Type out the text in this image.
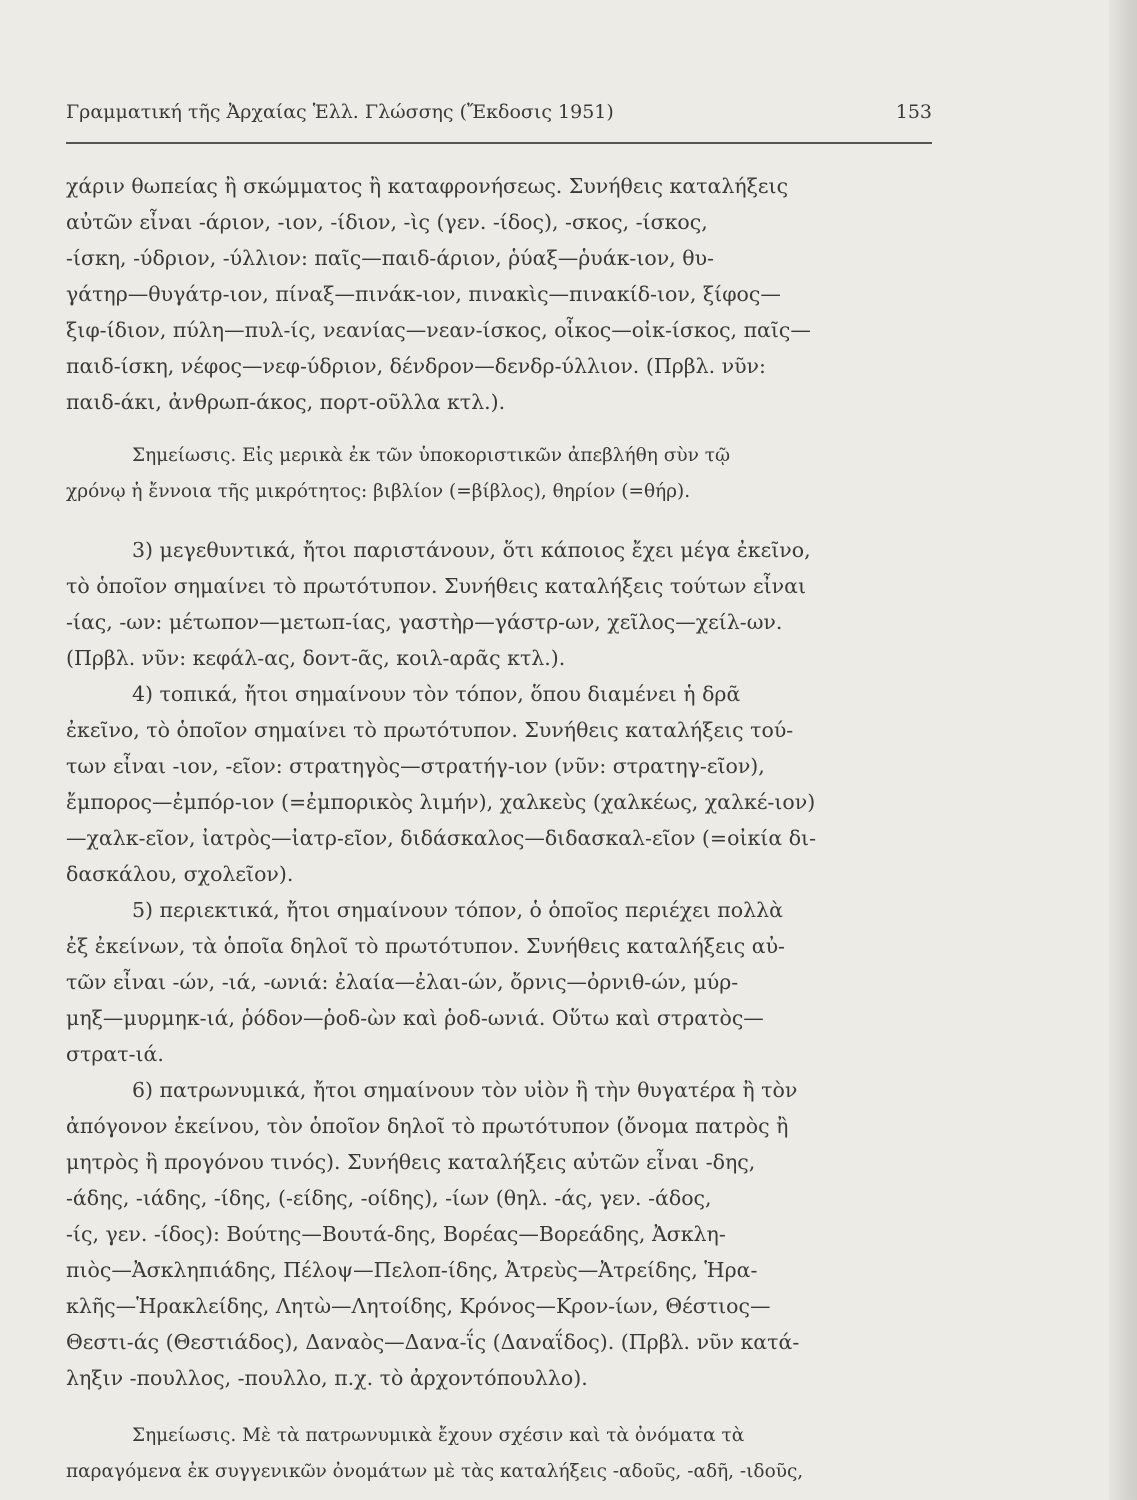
Γραμματική τῆς Ἀρχαίας Ἑλλ. Γλώσσης (Ἔκδοσις 1951)	153
χάριν θωπείας ἢ σκώμματος ἢ καταφρονήσεως. Συνήθεις καταλήξεις
αὐτῶν εἶναι -άριον, -ιον, -ίδιον, -ὶς (γεν. -ίδος), -σκος, -ίσκος,
-ίσκη, -ύδριον, -ύλλιον: παῖς—παιδ-άριον, ῥύαξ—ῥυάκ-ιον, θυ-
γάτηρ—θυγάτρ-ιον, πίναξ—πινάκ-ιον, πινακὶς—πινακίδ-ιον, ξίφος—
ξιφ-ίδιον, πύλη—πυλ-ίς, νεανίας—νεαν-ίσκος, οἶκος—οἰκ-ίσκος, παῖς—
παιδ-ίσκη, νέφος—νεφ-ύδριον, δένδρον—δενδρ-ύλλιον. (Πρβλ. νῦν:
παιδ-άκι, ἀνθρωπ-άκος, πορτ-οῦλλα κτλ.).
Σημείωσις. Εἰς μερικὰ ἐκ τῶν ὑποκοριστικῶν ἀπεβλήθη σὺν τῷ
χρόνῳ ἡ ἔννοια τῆς μικρότητος: βιβλίον (=βίβλος), θηρίον (=θήρ).
3) μεγεθυντικά, ἤτοι παριστάνουν, ὅτι κάποιος ἔχει μέγα ἐκεῖνο,
τὸ ὁποῖον σημαίνει τὸ πρωτότυπον. Συνήθεις καταλήξεις τούτων εἶναι
-ίας, -ων: μέτωπον—μετωπ-ίας, γαστὴρ—γάστρ-ων, χεῖλος—χείλ-ων.
(Πρβλ. νῦν: κεφάλ-ας, δοντ-ᾶς, κοιλ-αρᾶς κτλ.).
4) τοπικά, ἤτοι σημαίνουν τὸν τόπον, ὅπου διαμένει ἡ δρᾶ
ἐκεῖνο, τὸ ὁποῖον σημαίνει τὸ πρωτότυπον. Συνήθεις καταλήξεις τού-
των εἶναι -ιον, -εῖον: στρατηγὸς—στρατήγ-ιον (νῦν: στρατηγ-εῖον),
ἔμπορος—ἐμπόρ-ιον (=ἐμπορικὸς λιμήν), χαλκεὺς (χαλκέως, χαλκέ-ιον)
—χαλκ-εῖον, ἰατρὸς—ἰατρ-εῖον, διδάσκαλος—διδασκαλ-εῖον (=οἰκία δι-
δασκάλου, σχολεῖον).
5) περιεκτικά, ἤτοι σημαίνουν τόπον, ὁ ὁποῖος περιέχει πολλὰ
ἐξ ἐκείνων, τὰ ὁποῖα δηλοῖ τὸ πρωτότυπον. Συνήθεις καταλήξεις αὐ-
τῶν εἶναι -ών, -ιά, -ωνιά: ἐλαία—ἐλαι-ών, ὄρνις—ὀρνιθ-ών, μύρ-
μηξ—μυρμηκ-ιά, ῥόδον—ῥοδ-ὼν καὶ ῥοδ-ωνιά. Οὕτω καὶ στρατὸς—
στρατ-ιά.
6) πατρωνυμικά, ἤτοι σημαίνουν τὸν υἱὸν ἢ τὴν θυγατέρα ἢ τὸν
ἀπόγονον ἐκείνου, τὸν ὁποῖον δηλοῖ τὸ πρωτότυπον (ὄνομα πατρὸς ἢ
μητρὸς ἢ προγόνου τινός). Συνήθεις καταλήξεις αὐτῶν εἶναι -δης,
-άδης, -ιάδης, -ίδης, (-είδης, -οίδης), -ίων (θηλ. -άς, γεν. -άδος,
-ίς, γεν. -ίδος): Βούτης—Βουτά-δης, Βορέας—Βορεάδης, Ἀσκλη-
πιὸς—Ἀσκληπιάδης, Πέλοψ—Πελοπ-ίδης, Ἀτρεὺς—Ἀτρείδης, Ἡρα-
κλῆς—Ἡρακλείδης, Λητὼ—Λητοίδης, Κρόνος—Κρον-ίων, Θέστιος—
Θεστι-άς (Θεστιάδος), Δαναὸς—Δανα-ΐς (Δαναΐδος). (Πρβλ. νῦν κατά-
ληξιν -πουλλος, -πουλλο, π.χ. τὸ ἀρχοντόπουλλο).
Σημείωσις. Μὲ τὰ πατρωνυμικὰ ἔχουν σχέσιν καὶ τὰ ὀνόματα τὰ
παραγόμενα ἐκ συγγενικῶν ὀνομάτων μὲ τὰς καταλήξεις -αδοῦς, -αδῆ, -ιδοῦς,
